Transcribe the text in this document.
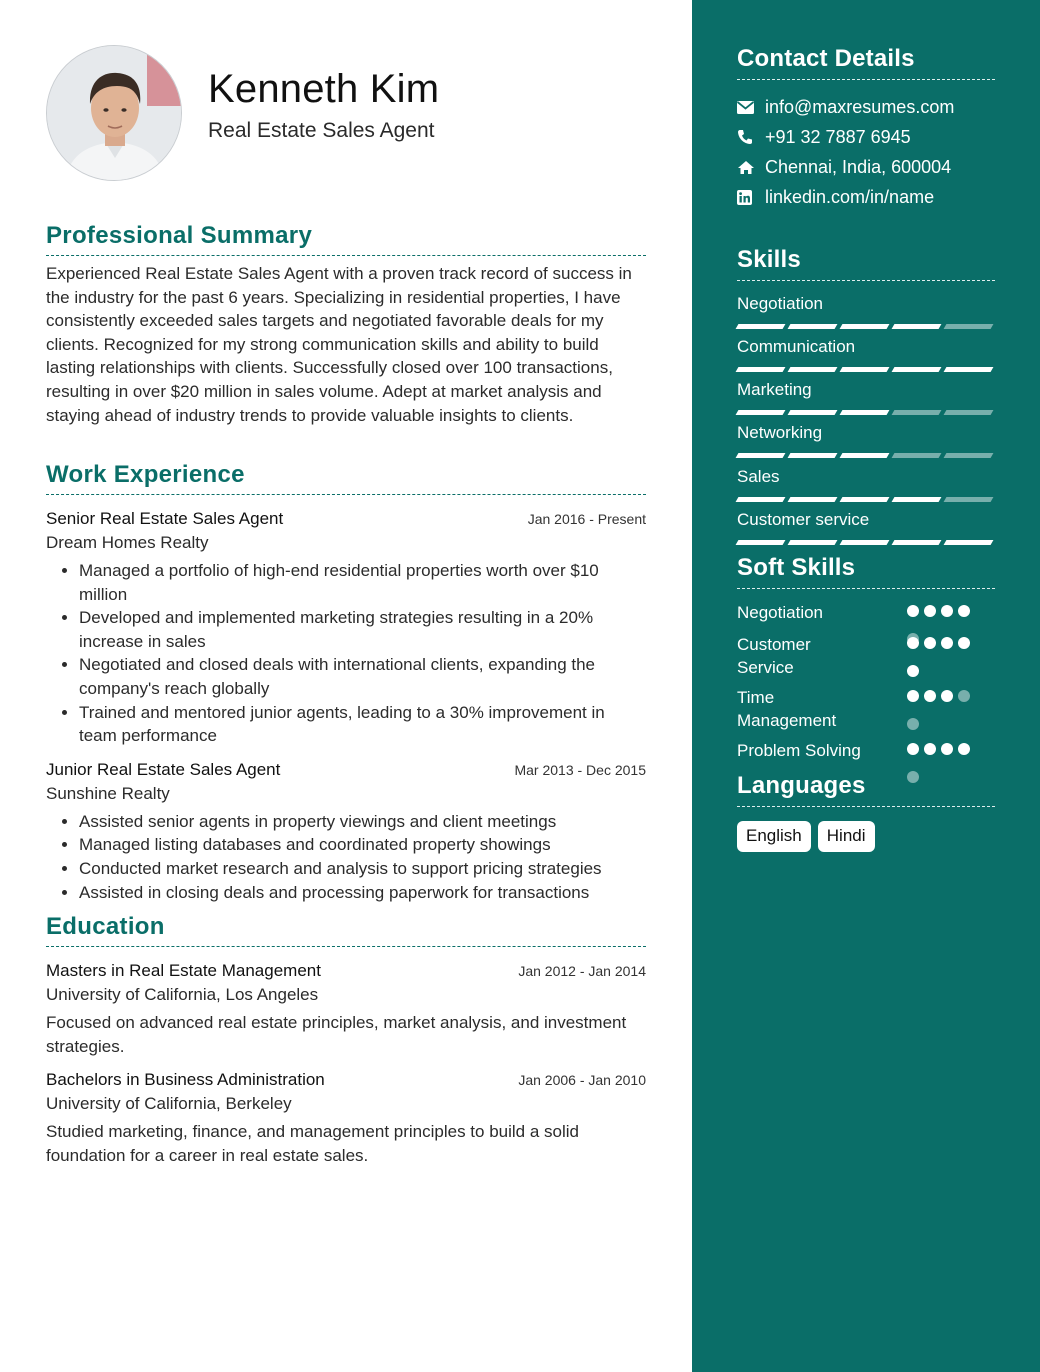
Kenneth Kim
Real Estate Sales Agent
Professional Summary
Experienced Real Estate Sales Agent with a proven track record of success in the industry for the past 6 years. Specializing in residential properties, I have consistently exceeded sales targets and negotiated favorable deals for my clients. Recognized for my strong communication skills and ability to build lasting relationships with clients. Successfully closed over 100 transactions, resulting in over $20 million in sales volume. Adept at market analysis and staying ahead of industry trends to provide valuable insights to clients.
Work Experience
Senior Real Estate Sales Agent	Jan 2016 - Present
Dream Homes Realty
• Managed a portfolio of high-end residential properties worth over $10 million
• Developed and implemented marketing strategies resulting in a 20% increase in sales
• Negotiated and closed deals with international clients, expanding the company's reach globally
• Trained and mentored junior agents, leading to a 30% improvement in team performance
Junior Real Estate Sales Agent	Mar 2013 - Dec 2015
Sunshine Realty
• Assisted senior agents in property viewings and client meetings
• Managed listing databases and coordinated property showings
• Conducted market research and analysis to support pricing strategies
• Assisted in closing deals and processing paperwork for transactions
Education
Masters in Real Estate Management	Jan 2012 - Jan 2014
University of California, Los Angeles
Focused on advanced real estate principles, market analysis, and investment strategies.
Bachelors in Business Administration	Jan 2006 - Jan 2010
University of California, Berkeley
Studied marketing, finance, and management principles to build a solid foundation for a career in real estate sales.
Contact Details
info@maxresumes.com
+91 32 7887 6945
Chennai, India, 600004
linkedin.com/in/name
Skills
Negotiation
Communication
Marketing
Networking
Sales
Customer service
Soft Skills
Negotiation
Customer Service
Time Management
Problem Solving
Languages
English	Hindi
